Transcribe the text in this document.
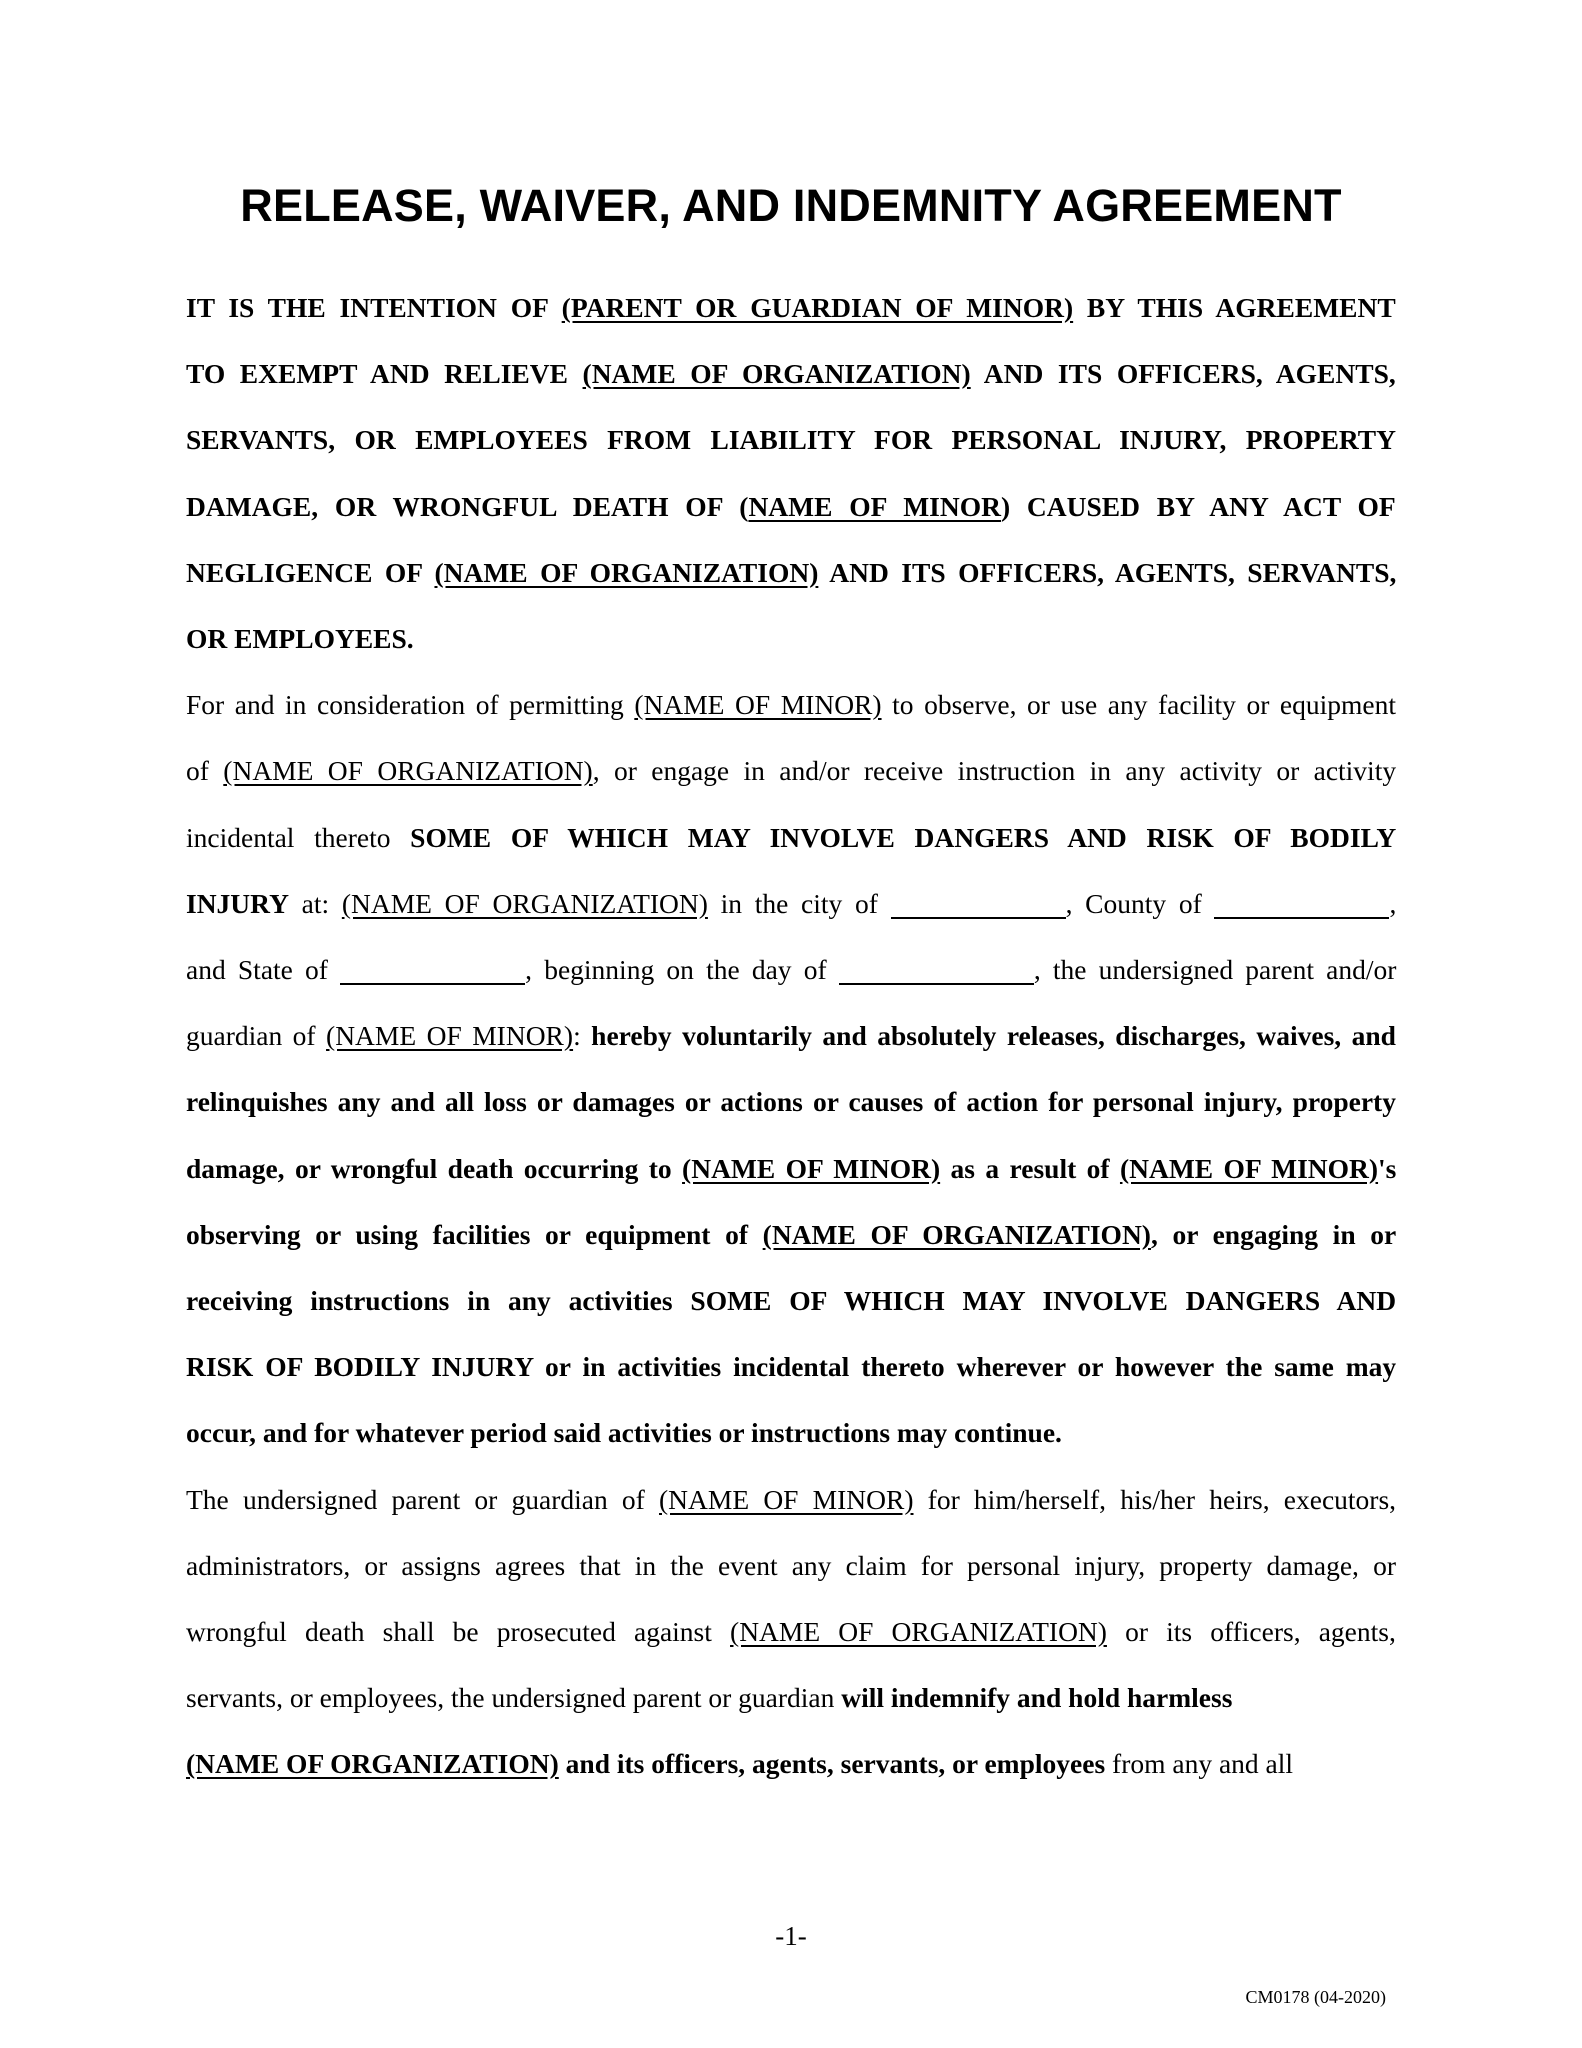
RELEASE, WAIVER, AND INDEMNITY AGREEMENT
IT IS THE INTENTION OF (PARENT OR GUARDIAN OF MINOR) BY THIS AGREEMENT
TO EXEMPT AND RELIEVE (NAME OF ORGANIZATION) AND ITS OFFICERS, AGENTS,
SERVANTS, OR EMPLOYEES FROM LIABILITY FOR PERSONAL INJURY, PROPERTY
DAMAGE, OR WRONGFUL DEATH OF (NAME OF MINOR) CAUSED BY ANY ACT OF
NEGLIGENCE OF (NAME OF ORGANIZATION) AND ITS OFFICERS, AGENTS, SERVANTS,
OR EMPLOYEES.
For and in consideration of permitting (NAME OF MINOR) to observe, or use any facility or equipment
of (NAME OF ORGANIZATION), or engage in and/or receive instruction in any activity or activity
incidental thereto SOME OF WHICH MAY INVOLVE DANGERS AND RISK OF BODILY
INJURY at: (NAME OF ORGANIZATION) in the city of	, County of	,
and State of	, beginning on the day of	, the undersigned parent and/or
guardian of (NAME OF MINOR): hereby voluntarily and absolutely releases, discharges, waives, and
relinquishes any and all loss or damages or actions or causes of action for personal injury, property
damage, or wrongful death occurring to (NAME OF MINOR) as a result of (NAME OF MINOR)'s
observing or using facilities or equipment of (NAME OF ORGANIZATION), or engaging in or
receiving instructions in any activities SOME OF WHICH MAY INVOLVE DANGERS AND
RISK OF BODILY INJURY or in activities incidental thereto wherever or however the same may
occur, and for whatever period said activities or instructions may continue.
The undersigned parent or guardian of (NAME OF MINOR) for him/herself, his/her heirs, executors,
administrators, or assigns agrees that in the event any claim for personal injury, property damage, or
wrongful death shall be prosecuted against (NAME OF ORGANIZATION) or its officers, agents,
servants, or employees, the undersigned parent or guardian will indemnify and hold harmless
(NAME OF ORGANIZATION) and its officers, agents, servants, or employees from any and all
-1-
CM0178 (04-2020)
